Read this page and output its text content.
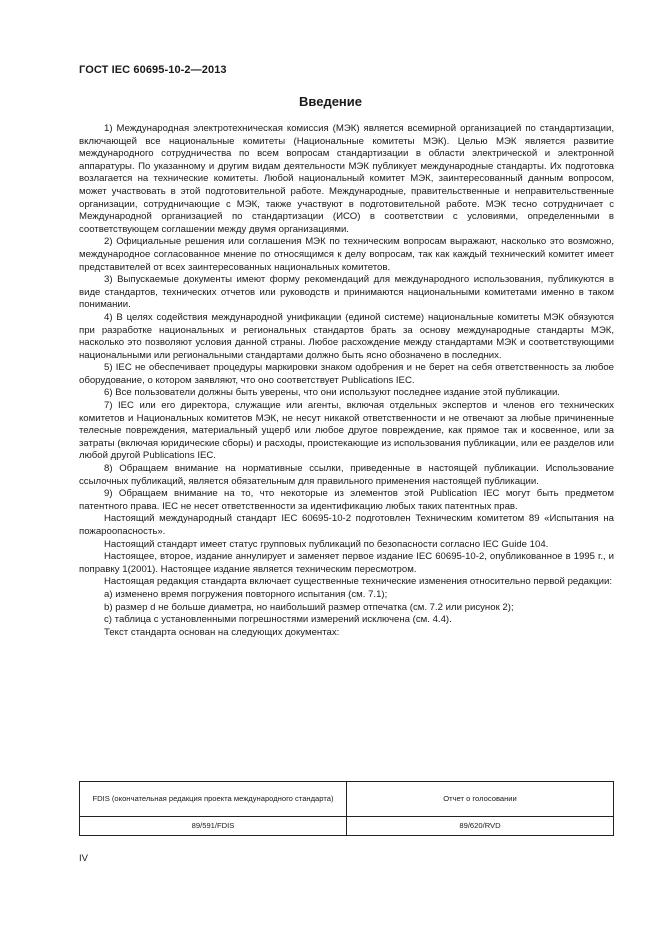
ГОСТ IEC 60695-10-2—2013
Введение

1) Международная электротехническая комиссия (МЭК) является всемирной организацией по стандартизации, включающей все национальные комитеты (Национальные комитеты МЭК). Целью МЭК является развитие международного сотрудничества по всем вопросам стандартизации в области электрической и электронной аппаратуры. По указанному и другим видам деятельности МЭК публикует международные стандарты. Их подготовка возлагается на технические комитеты. Любой национальный комитет МЭК, заинтересованный данным вопросом, может участвовать в этой подготовительной работе. Международные, правительственные и неправительственные организации, сотрудничающие с МЭК, также участвуют в подготовительной работе. МЭК тесно сотрудничает с Международной организацией по стандартизации (ИСО) в соответствии с условиями, определенными в соответствующем соглашении между двумя организациями.

2) Официальные решения или соглашения МЭК по техническим вопросам выражают, насколько это возможно, международное согласованное мнение по относящимся к делу вопросам, так как каждый технический комитет имеет представителей от всех заинтересованных национальных комитетов.

3) Выпускаемые документы имеют форму рекомендаций для международного использования, публикуются в виде стандартов, технических отчетов или руководств и принимаются национальными комитетами именно в таком понимании.

4) В целях содействия международной унификации (единой системе) национальные комитеты МЭК обязуются при разработке национальных и региональных стандартов брать за основу международные стандарты МЭК, насколько это позволяют условия данной страны. Любое расхождение между стандартами МЭК и соответствующими национальными или региональными стандартами должно быть ясно обозначено в последних.

5) IEC не обеспечивает процедуры маркировки знаком одобрения и не берет на себя ответственность за любое оборудование, о котором заявляют, что оно соответствует Publications IEC.

6) Все пользователи должны быть уверены, что они используют последнее издание этой публикации.

7) IEC или его директора, служащие или агенты, включая отдельных экспертов и членов его технических комитетов и Национальных комитетов МЭК, не несут никакой ответственности и не отвечают за любые причиненные телесные повреждения, материальный ущерб или любое другое повреждение, как прямое так и косвенное, или за затраты (включая юридические сборы) и расходы, проистекающие из использования публикации, или ее разделов или любой другой Publications IEC.

8) Обращаем внимание на нормативные ссылки, приведенные в настоящей публикации. Использование ссылочных публикаций, является обязательным для правильного применения настоящей публикации.

9) Обращаем внимание на то, что некоторые из элементов этой Publication IEC могут быть предметом патентного права. IEC не несет ответственности за идентификацию любых таких патентных прав.

Настоящий международный стандарт IEC 60695-10-2 подготовлен Техническим комитетом 89 «Испытания на пожароопасность».

Настоящий стандарт имеет статус групповых публикаций по безопасности согласно IEC Guide 104.

Настоящее, второе, издание аннулирует и заменяет первое издание IEC 60695-10-2, опубликованное в 1995 г., и поправку 1(2001). Настоящее издание является техническим пересмотром.

Настоящая редакция стандарта включает существенные технические изменения относительно первой редакции:

a) изменено время погружения повторного испытания (см. 7.1);

b) размер d не больше диаметра, но наибольший размер отпечатка (см. 7.2 или рисунок 2);

c) таблица с установленными погрешностями измерений исключена (см. 4.4).

Текст стандарта основан на следующих документах:

FDIS (окончательная редакция проекта международного стандарта)	Отчет о голосовании
89/591/FDIS	89/620/RVD
IV
